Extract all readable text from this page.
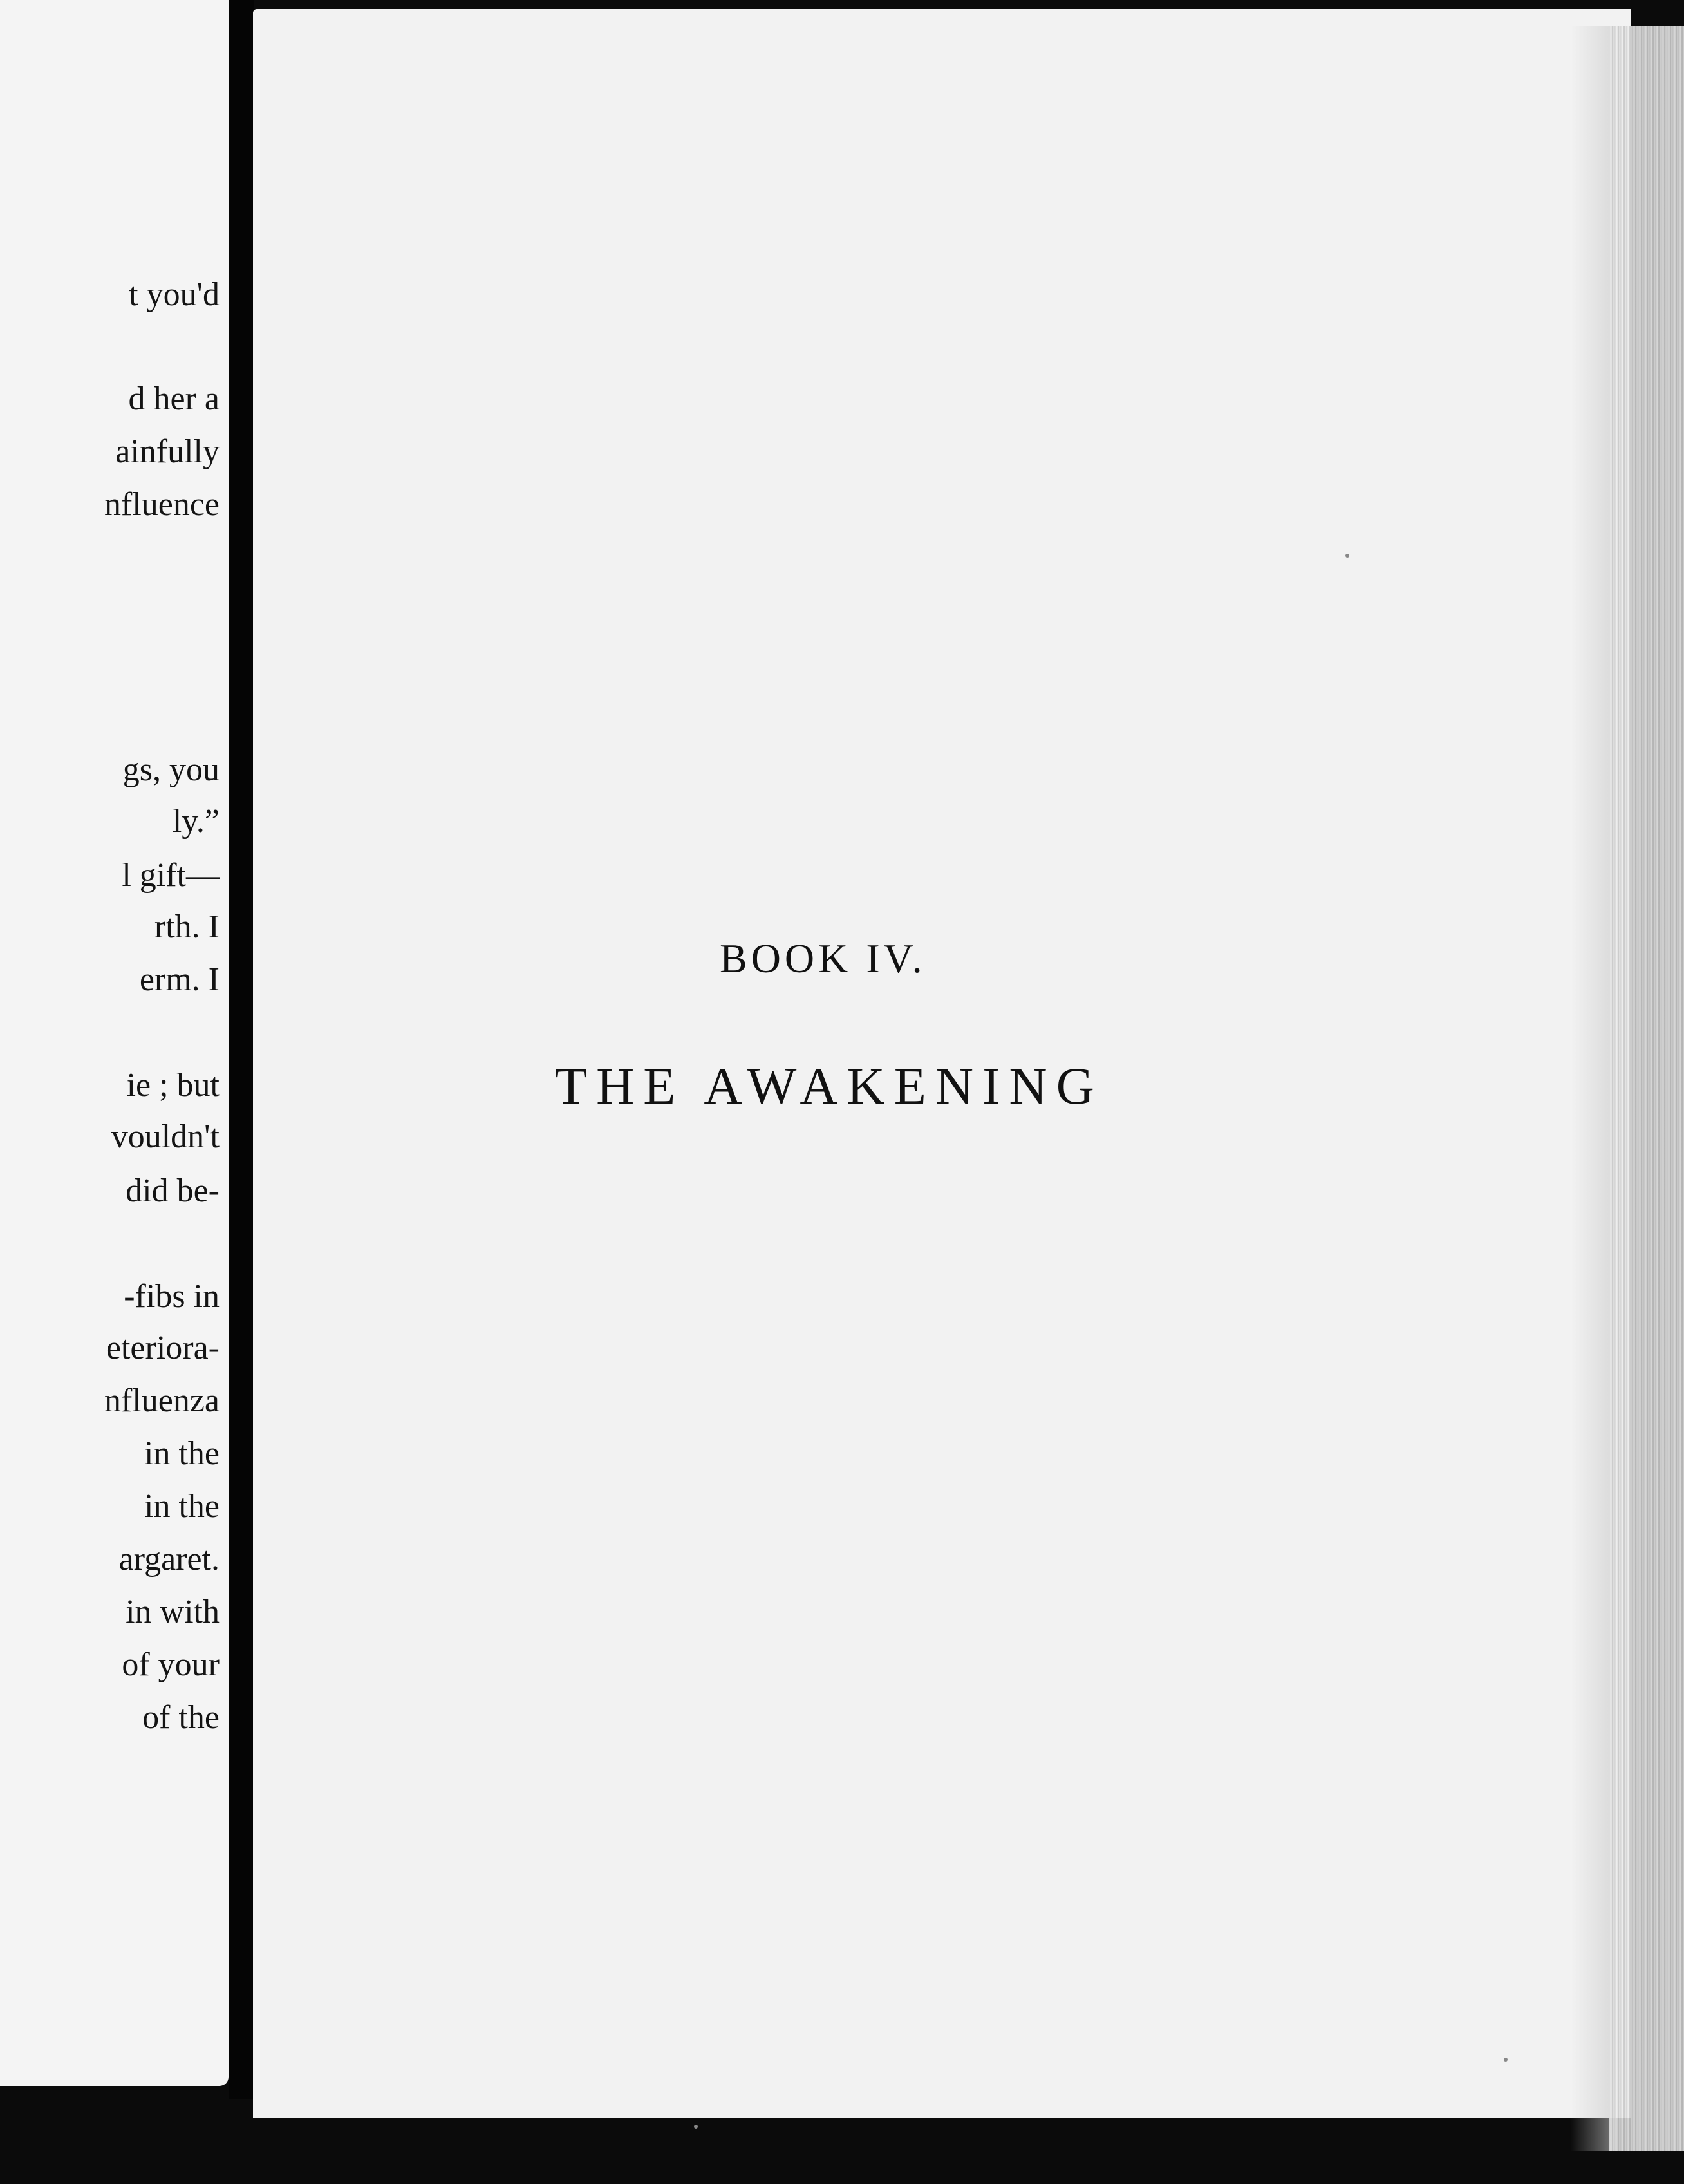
t you'd
d her a
ainfully
nfluence
gs, you
ly.”
l gift—
rth. I
erm. I
ie ; but
vouldn't
did be-
-fibs in
eteriora-
nfluenza
in the
in the
argaret.
in with
of your
of the
BOOK IV.
THE AWAKENING
